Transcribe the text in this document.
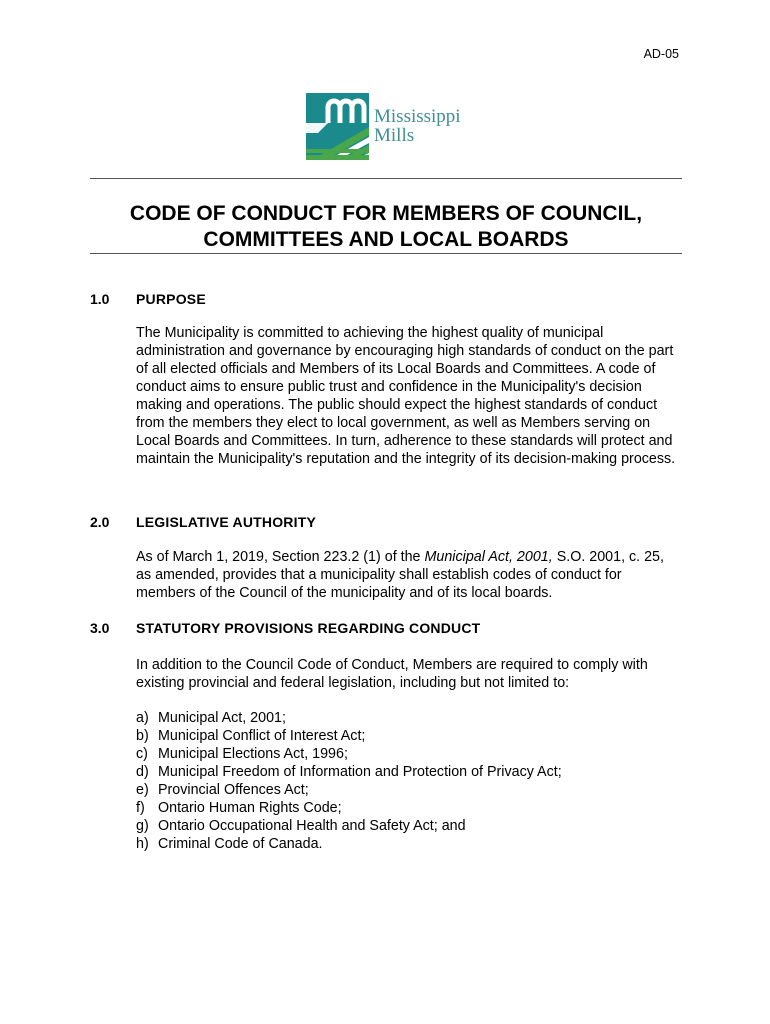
AD-05
Mississippi
Mills
CODE OF CONDUCT FOR MEMBERS OF COUNCIL,
COMMITTEES AND LOCAL BOARDS
1.0 PURPOSE

The Municipality is committed to achieving the highest quality of municipal administration and governance by encouraging high standards of conduct on the part of all elected officials and Members of its Local Boards and Committees. A code of conduct aims to ensure public trust and confidence in the Municipality's decision making and operations. The public should expect the highest standards of conduct from the members they elect to local government, as well as Members serving on Local Boards and Committees. In turn, adherence to these standards will protect and maintain the Municipality's reputation and the integrity of its decision-making process.

2.0 LEGISLATIVE AUTHORITY

As of March 1, 2019, Section 223.2 (1) of the Municipal Act, 2001, S.O. 2001, c. 25, as amended, provides that a municipality shall establish codes of conduct for members of the Council of the municipality and of its local boards.

3.0 STATUTORY PROVISIONS REGARDING CONDUCT

In addition to the Council Code of Conduct, Members are required to comply with existing provincial and federal legislation, including but not limited to:

a) Municipal Act, 2001;
b) Municipal Conflict of Interest Act;
c) Municipal Elections Act, 1996;
d) Municipal Freedom of Information and Protection of Privacy Act;
e) Provincial Offences Act;
f) Ontario Human Rights Code;
g) Ontario Occupational Health and Safety Act; and
h) Criminal Code of Canada.
